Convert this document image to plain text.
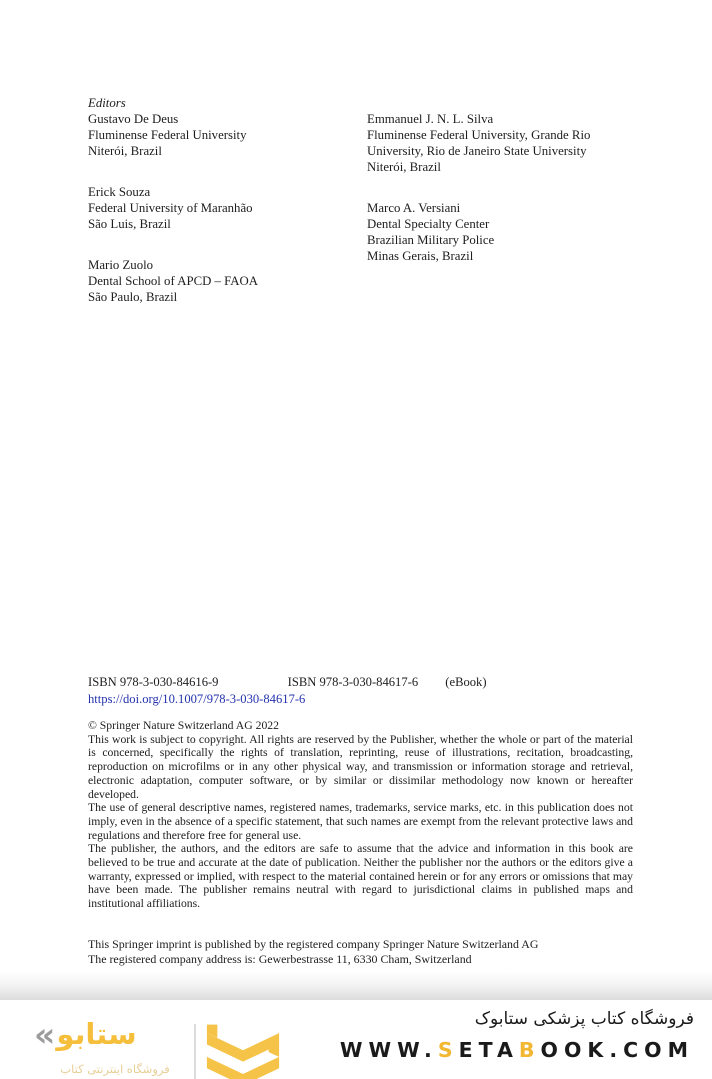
Editors
Gustavo De Deus
Fluminense Federal University
Niterói, Brazil
Erick Souza
Federal University of Maranhão
São Luis, Brazil
Mario Zuolo
Dental School of APCD – FAOA
São Paulo, Brazil
Emmanuel J. N. L. Silva
Fluminense Federal University, Grande Rio
University, Rio de Janeiro State University
Niterói, Brazil
Marco A. Versiani
Dental Specialty Center
Brazilian Military Police
Minas Gerais, Brazil
ISBN 978-3-030-84616-9	ISBN 978-3-030-84617-6 (eBook)
https://doi.org/10.1007/978-3-030-84617-6

© Springer Nature Switzerland AG 2022

This work is subject to copyright. All rights are reserved by the Publisher, whether the whole or part of the material is concerned, specifically the rights of translation, reprinting, reuse of illustrations, recitation, broadcasting, reproduction on microfilms or in any other physical way, and transmission or information storage and retrieval, electronic adaptation, computer software, or by similar or dissimilar methodology now known or hereafter developed.

The use of general descriptive names, registered names, trademarks, service marks, etc. in this publication does not imply, even in the absence of a specific statement, that such names are exempt from the relevant protective laws and regulations and therefore free for general use.

The publisher, the authors, and the editors are safe to assume that the advice and information in this book are believed to be true and accurate at the date of publication. Neither the publisher nor the authors or the editors give a warranty, expressed or implied, with respect to the material contained herein or for any errors or omissions that may have been made. The publisher remains neutral with regard to jurisdictional claims in published maps and institutional affiliations.

This Springer imprint is published by the registered company Springer Nature Switzerland AG
The registered company address is: Gewerbestrasse 11, 6330 Cham, Switzerland
« ستابو
فروشگاه اینترنتی کتاب
فروشگاه کتاب پزشکی ستابوک
WWW.SETABOOK.COM
